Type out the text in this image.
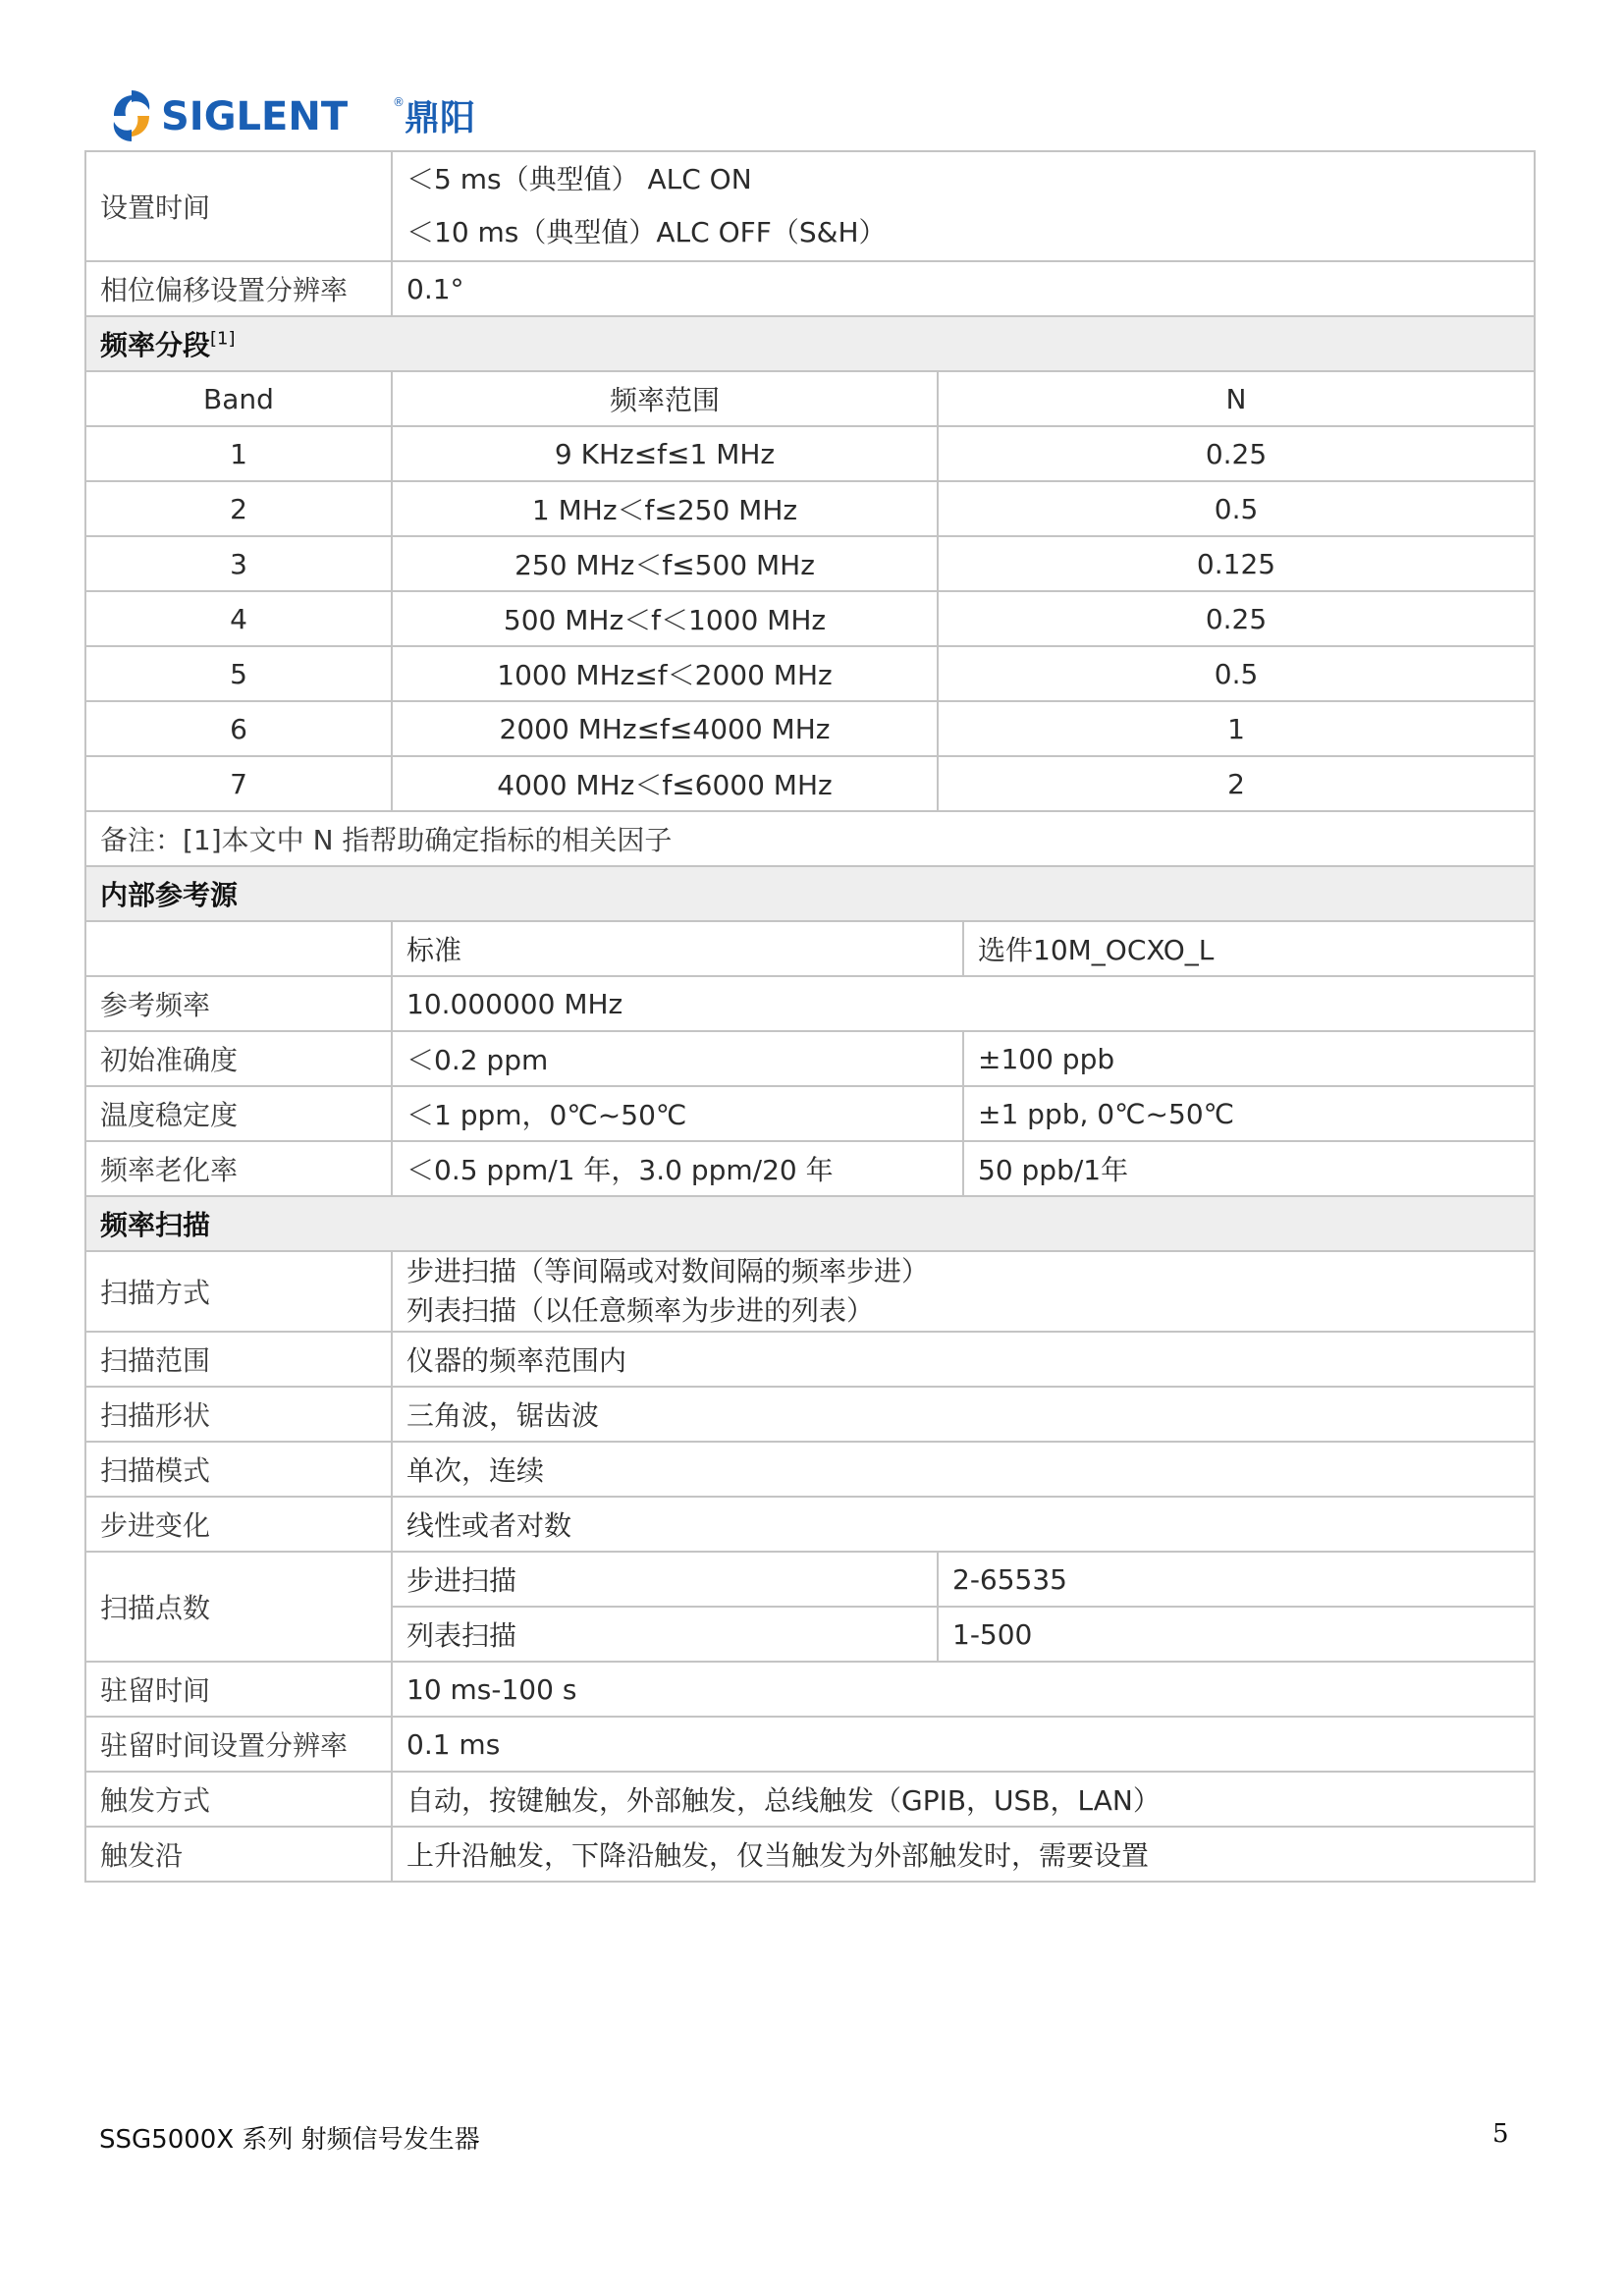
SIGLENT	® 鼎阳
设置时间	＜5 ms（典型值） ALC ON
＜10 ms（典型值）ALC OFF（S&H）		

相位偏移设置分辨率	0.1°		
频率分段[1]
Band	频率范围	N	
1	9 KHz≤f≤1 MHz	0.25	
2	1 MHz＜f≤250 MHz	0.5	
3	250 MHz＜f≤500 MHz	0.125	
4	500 MHz＜f＜1000 MHz	0.25	
5	1000 MHz≤f＜2000 MHz	0.5	
6	2000 MHz≤f≤4000 MHz	1	
7	4000 MHz＜f≤6000 MHz	2	
备注：[1]本文中 N 指帮助确定指标的相关因子			
内部参考源			
	标准		选件10M_OCXO_L
参考频率	10.000000 MHz		
初始准确度	＜0.2 ppm		±100 ppb
温度稳定度	＜1 ppm，0℃~50℃		±1 ppb, 0℃~50℃
频率老化率	＜0.5 ppm/1 年，3.0 ppm/20 年		50 ppb/1年
频率扫描			
扫描方式	步进扫描（等间隔或对数间隔的频率步进）
列表扫描（以任意频率为步进的列表）		

扫描范围	仪器的频率范围内		
扫描形状	三角波，锯齿波		
扫描模式	单次，连续		
步进变化	线性或者对数		
扫描点数	步进扫描	2-65535	
	列表扫描	1-500	
驻留时间	10 ms-100 s		
驻留时间设置分辨率	0.1 ms		
触发方式	自动，按键触发，外部触发，总线触发（GPIB，USB，LAN）		
触发沿	上升沿触发，下降沿触发，仅当触发为外部触发时，需要设置		
SSG5000X 系列 射频信号发生器	5
